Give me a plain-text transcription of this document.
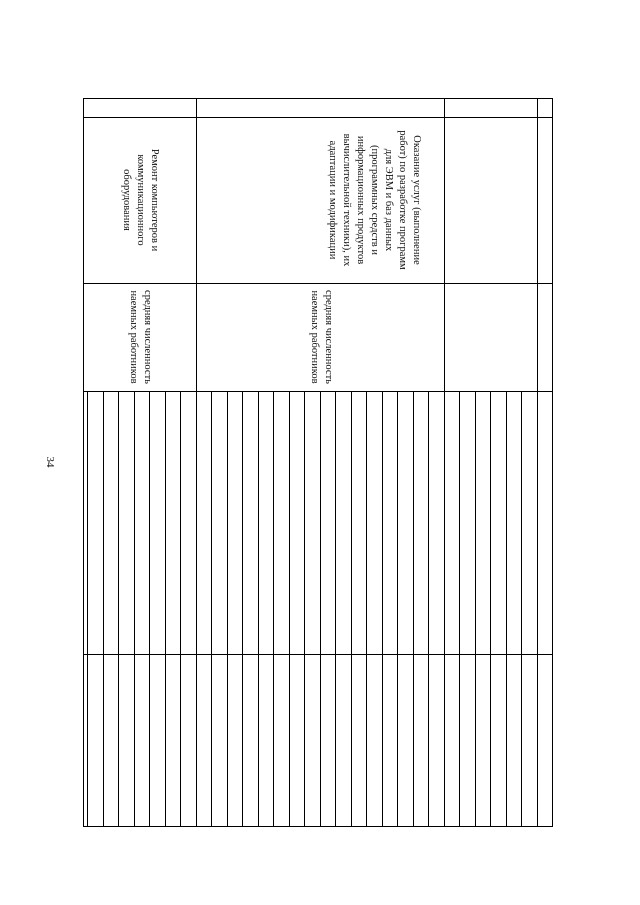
34
Оказание услуг (выполнение работ) по разработке программ для ЭВМ и баз данных (программных средств и информационных продуктов вычислительной техники), их адаптации и модификации
средняя численность наемных работников
Ремонт компьютеров и коммуникационного оборудования
средняя численность наемных работников
